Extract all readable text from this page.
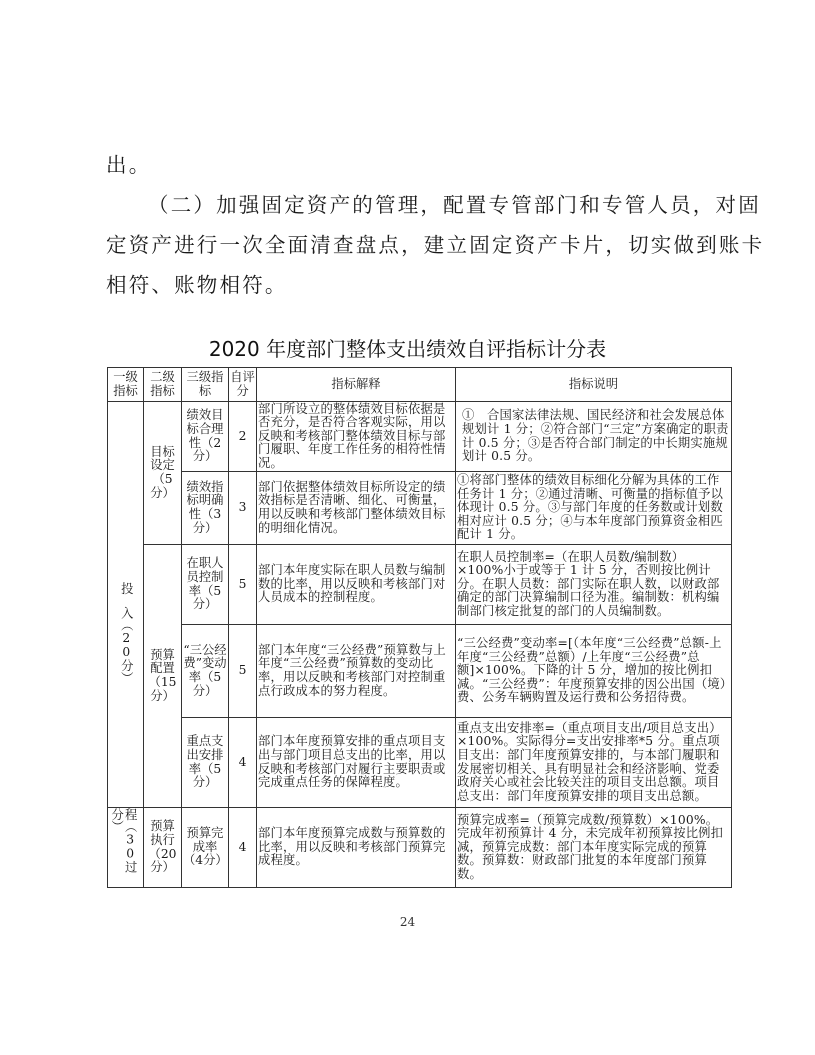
出。
（二）加强固定资产的管理，配置专管部门和专管人员，对固
定资产进行一次全面清查盘点，建立固定资产卡片，切实做到账卡
相符、账物相符。
2020 年度部门整体支出绩效自评指标计分表
一级指标	二级指标	三级指标	自评分	指标解释	指标说明
投　入（20分）	目标设定（5分）	绩效目标合理性（2分）	2	部门所设立的整体绩效目标依据是否充分，是否符合客观实际，用以反映和考核部门整体绩效目标与部门履职、年度工作任务的相符性情况。	①　合国家法律法规、国民经济和社会发展总体规划计 1 分；②符合部门“三定”方案确定的职责计 0.5 分；③是否符合部门制定的中长期实施规划计 0.5 分。
		绩效指标明确性（3分）	3	部门依据整体绩效目标所设定的绩效指标是否清晰、细化、可衡量，用以反映和考核部门整体绩效目标的明细化情况。	①将部门整体的绩效目标细化分解为具体的工作任务计 1 分；②通过清晰、可衡量的指标值予以体现计 0.5 分。③与部门年度的任务数或计划数相对应计 0.5 分；④与本年度部门预算资金相匹配计 1 分。
	预算配置（15分）	在职人员控制率（5分）	5	部门本年度实际在职人员数与编制数的比率，用以反映和考核部门对人员成本的控制程度。	在职人员控制率=（在职人员数/编制数）×100%小于或等于 1 计 5 分，否则按比例计分。在职人员数：部门实际在职人数，以财政部确定的部门决算编制口径为准。编制数：机构编制部门核定批复的部门的人员编制数。
		“三公经费”变动率（5分）	5	部门本年度“三公经费”预算数与上年度“三公经费”预算数的变动比率，用以反映和考核部门对控制重点行政成本的努力程度。	“三公经费”变动率=[（本年度“三公经费”总额-上年度“三公经费”总额）/上年度“三公经费”总额]×100%。下降的计 5 分，增加的按比例扣减。“三公经费”：年度预算安排的因公出国（境）费、公务车辆购置及运行费和公务招待费。
		重点支出安排率（5分）	4	部门本年度预算安排的重点项目支出与部门项目总支出的比率，用以反映和考核部门对履行主要职责或完成重点任务的保障程度。	重点支出安排率=（重点项目支出/项目总支出）×100%。实际得分=支出安排率*5 分。重点项目支出：部门年度预算安排的，与本部门履职和发展密切相关、具有明显社会和经济影响、党委政府关心或社会比较关注的项目支出总额。项目总支出：部门年度预算安排的项目支出总额。
程（30过分）	预算执行（20分）	预算完成率（4分）	4	部门本年度预算完成数与预算数的比率，用以反映和考核部门预算完成程度。	预算完成率=（预算完成数/预算数）×100%。完成年初预算计 4 分，未完成年初预算按比例扣减，预算完成数：部门本年度实际完成的预算数。预算数：财政部门批复的本年度部门预算数。
24
